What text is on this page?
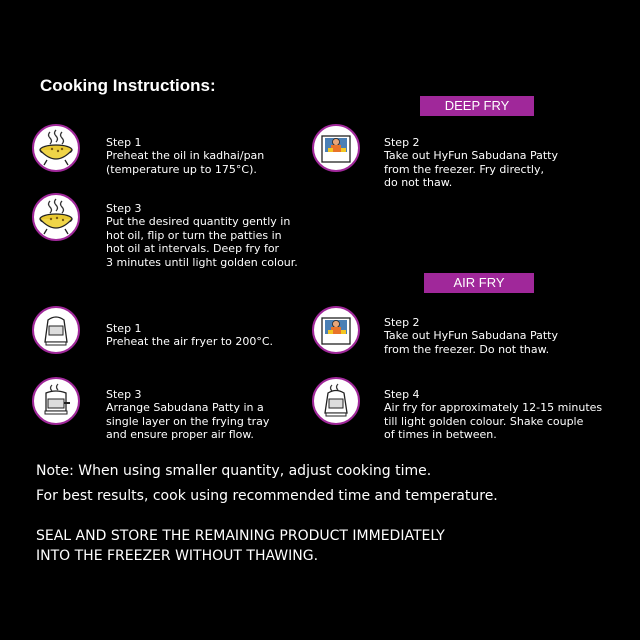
Cooking Instructions:
DEEP FRY
Step 1
Preheat the oil in kadhai/pan
(temperature up to 175°C).
Step 2
Take out HyFun Sabudana Patty
from the freezer. Fry directly,
do not thaw.
Step 3
Put the desired quantity gently in
hot oil, flip or turn the patties in
hot oil at intervals. Deep fry for
3 minutes until light golden colour.
AIR FRY
Step 1
Preheat the air fryer to 200°C.
Step 2
Take out HyFun Sabudana Patty
from the freezer. Do not thaw.
Step 3
Arrange Sabudana Patty in a
single layer on the frying tray
and ensure proper air flow.
Step 4
Air fry for approximately 12-15 minutes
till light golden colour. Shake couple
of times in between.
Note: When using smaller quantity, adjust cooking time.
For best results, cook using recommended time and temperature.
SEAL AND STORE THE REMAINING PRODUCT IMMEDIATELY
INTO THE FREEZER WITHOUT THAWING.
